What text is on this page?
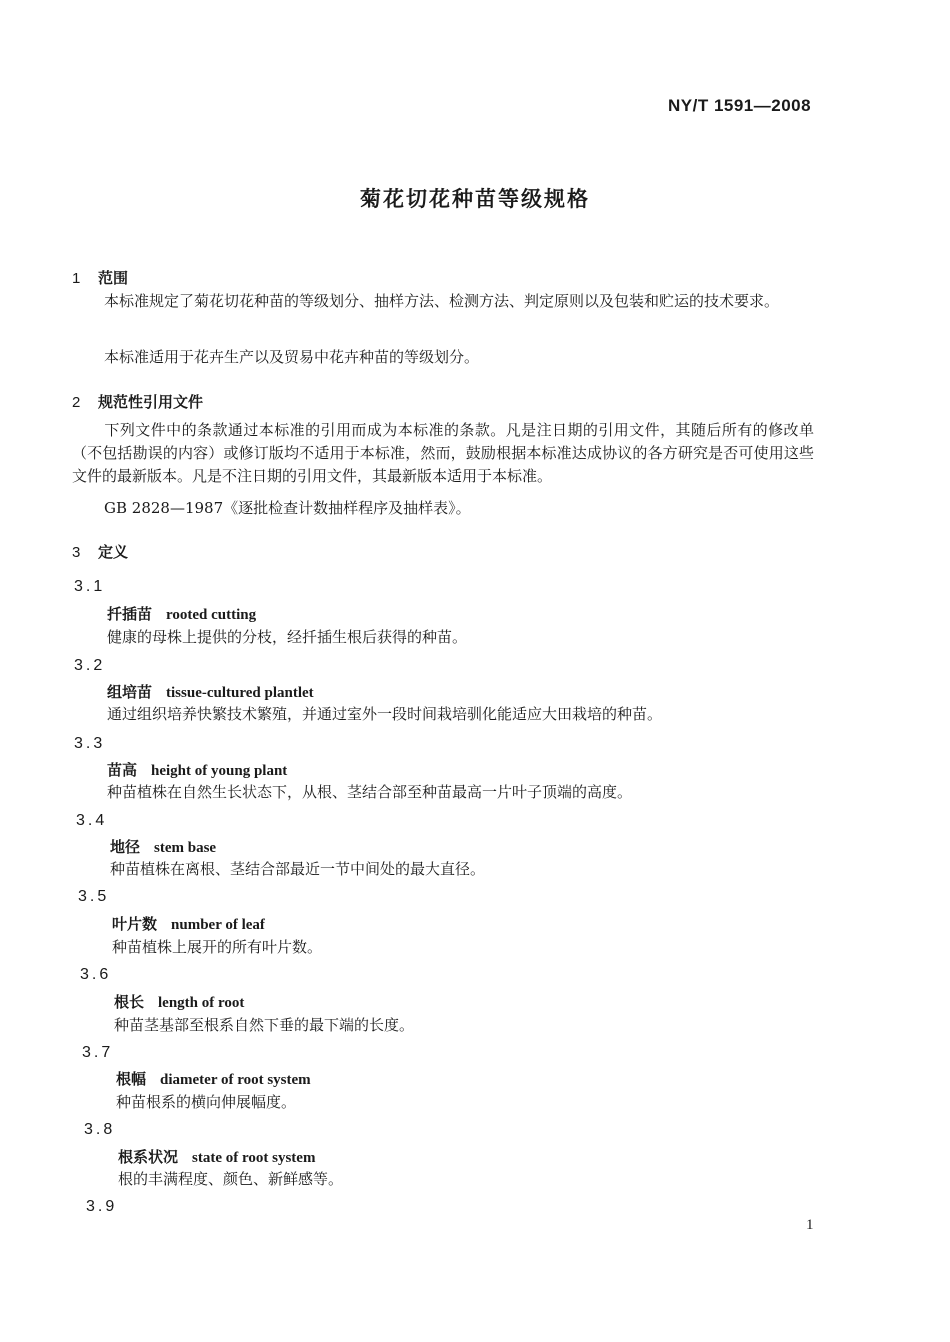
NY/T 1591—2008
菊花切花种苗等级规格
1 范围
本标准规定了菊花切花种苗的等级划分、抽样方法、检测方法、判定原则以及包装和贮运的技术要求。
本标准适用于花卉生产以及贸易中花卉种苗的等级划分。
2 规范性引用文件
下列文件中的条款通过本标准的引用而成为本标准的条款。凡是注日期的引用文件，其随后所有的修改单（不包括勘误的内容）或修订版均不适用于本标准，然而，鼓励根据本标准达成协议的各方研究是否可使用这些文件的最新版本。凡是不注日期的引用文件，其最新版本适用于本标准。
GB 2828—1987《逐批检查计数抽样程序及抽样表》。
3 定义
3.1
扦插苗 rooted cutting
健康的母株上提供的分枝，经扦插生根后获得的种苗。
3.2
组培苗 tissue-cultured plantlet
通过组织培养快繁技术繁殖，并通过室外一段时间栽培驯化能适应大田栽培的种苗。
3.3
苗高 height of young plant
种苗植株在自然生长状态下，从根、茎结合部至种苗最高一片叶子顶端的高度。
3.4
地径 stem base
种苗植株在离根、茎结合部最近一节中间处的最大直径。
3.5
叶片数 number of leaf
种苗植株上展开的所有叶片数。
3.6
根长 length of root
种苗茎基部至根系自然下垂的最下端的长度。
3.7
根幅 diameter of root system
种苗根系的横向伸展幅度。
3.8
根系状况 state of root system
根的丰满程度、颜色、新鲜感等。
3.9
1
